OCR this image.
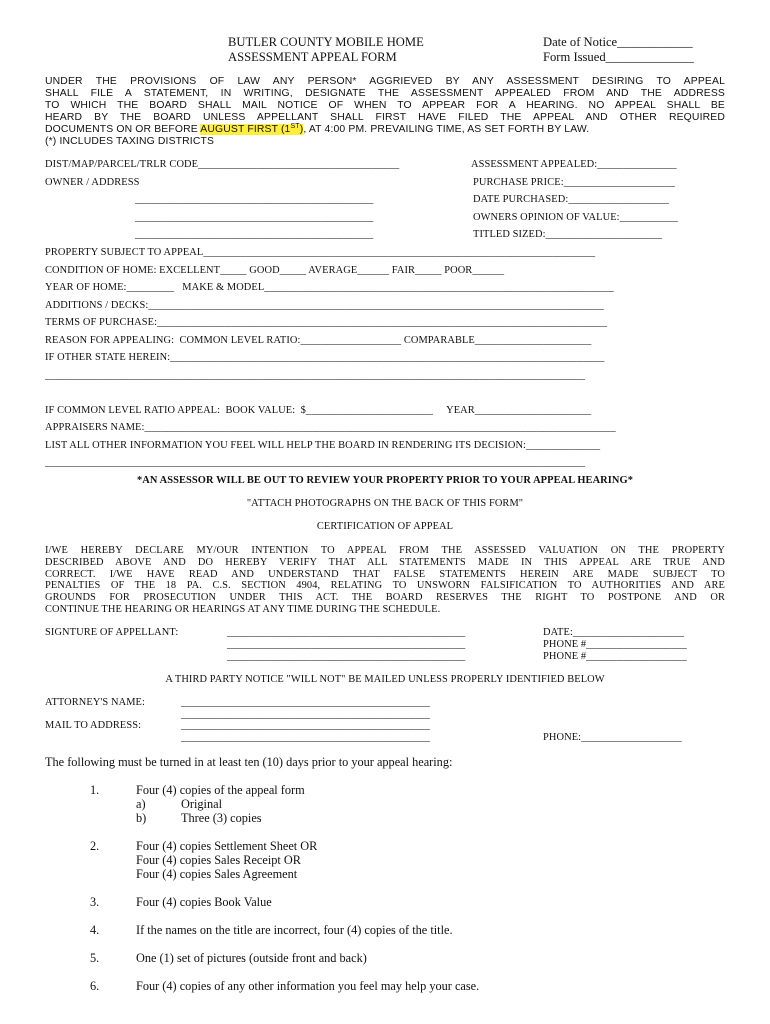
BUTLER COUNTY MOBILE HOME
ASSESSMENT APPEAL FORM
Date of Notice____________
Form Issued______________
UNDER THE PROVISIONS OF LAW ANY PERSON* AGGRIEVED BY ANY ASSESSMENT DESIRING TO APPEAL
SHALL FILE A STATEMENT, IN WRITING, DESIGNATE THE ASSESSMENT APPEALED FROM AND THE ADDRESS
TO WHICH THE BOARD SHALL MAIL NOTICE OF WHEN TO APPEAR FOR A HEARING. NO APPEAL SHALL BE
HEARD BY THE BOARD UNLESS APPELLANT SHALL FIRST HAVE FILED THE APPEAL AND OTHER REQUIRED
DOCUMENTS ON OR BEFORE AUGUST FIRST (1ST), AT 4:00 PM. PREVAILING TIME, AS SET FORTH BY LAW.
(*) INCLUDES TAXING DISTRICTS
DIST/MAP/PARCEL/TRLR CODE______________________________________	ASSESSMENT APPEALED:_______________
OWNER / ADDRESS	PURCHASE PRICE:_____________________
_____________________________________________	DATE PURCHASED:___________________
_____________________________________________	OWNERS OPINION OF VALUE:___________
_____________________________________________	TITLED SIZED:______________________
PROPERTY SUBJECT TO APPEAL__________________________________________________________________________
CONDITION OF HOME: EXCELLENT_____ GOOD_____ AVERAGE______ FAIR_____ POOR______
YEAR OF HOME:_________   MAKE & MODEL__________________________________________________________________
ADDITIONS / DECKS:______________________________________________________________________________________
TERMS OF PURCHASE:_____________________________________________________________________________________
REASON FOR APPEALING:  COMMON LEVEL RATIO:___________________ COMPARABLE______________________
IF OTHER STATE HEREIN:__________________________________________________________________________________
______________________________________________________________________________________________________
IF COMMON LEVEL RATIO APPEAL:  BOOK VALUE:  $________________________     YEAR______________________
APPRAISERS NAME:_________________________________________________________________________________________
LIST ALL OTHER INFORMATION YOU FEEL WILL HELP THE BOARD IN RENDERING ITS DECISION:______________
______________________________________________________________________________________________________
*AN ASSESSOR WILL BE OUT TO REVIEW YOUR PROPERTY PRIOR TO YOUR APPEAL HEARING*
"ATTACH PHOTOGRAPHS ON THE BACK OF THIS FORM"
CERTIFICATION OF APPEAL
I/WE HEREBY DECLARE MY/OUR INTENTION TO APPEAL FROM THE ASSESSED VALUATION ON THE PROPERTY
DESCRIBED ABOVE AND DO HEREBY VERIFY THAT ALL STATEMENTS MADE IN THIS APPEAL ARE TRUE AND
CORRECT. I/WE HAVE READ AND UNDERSTAND THAT FALSE STATEMENTS HEREIN ARE MADE SUBJECT TO
PENALTIES OF THE 18 PA. C.S. SECTION 4904, RELATING TO UNSWORN FALSIFICATION TO AUTHORITIES AND ARE
GROUNDS FOR PROSECUTION UNDER THIS ACT. THE BOARD RESERVES THE RIGHT TO POSTPONE AND OR
CONTINUE THE HEARING OR HEARINGS AT ANY TIME DURING THE SCHEDULE.
SIGNTURE OF APPELLANT:	_____________________________________________	DATE:_____________________
_____________________________________________	PHONE #___________________
_____________________________________________	PHONE #___________________
A THIRD PARTY NOTICE "WILL NOT" BE MAILED UNLESS PROPERLY IDENTIFIED BELOW
ATTORNEY'S NAME:	_______________________________________________
_______________________________________________
MAIL TO ADDRESS:	_______________________________________________
_______________________________________________	PHONE:___________________
The following must be turned in at least ten (10) days prior to your appeal hearing:
1.	Four (4) copies of the appeal form
a)	Original
b)	Three (3) copies
2.	Four (4) copies Settlement Sheet OR
Four (4) copies Sales Receipt OR
Four (4) copies Sales Agreement
3.	Four (4) copies Book Value
4.	If the names on the title are incorrect, four (4) copies of the title.
5.	One (1) set of pictures (outside front and back)
6.	Four (4) copies of any other information you feel may help your case.
